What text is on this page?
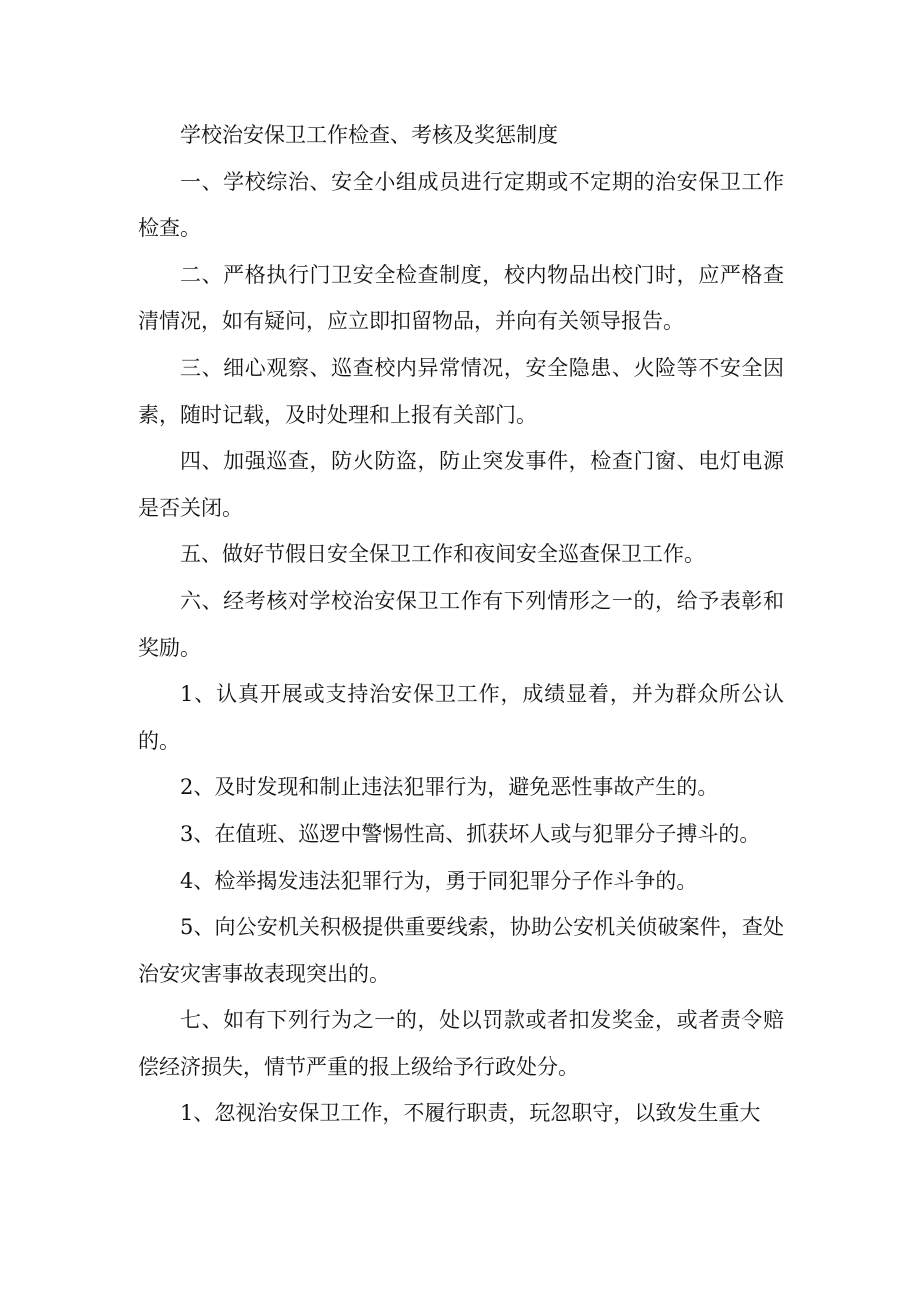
学校治安保卫工作检查、考核及奖惩制度

一、学校综治、安全小组成员进行定期或不定期的治安保卫工作检查。

二、严格执行门卫安全检查制度，校内物品出校门时，应严格查清情况，如有疑问，应立即扣留物品，并向有关领导报告。

三、细心观察、巡查校内异常情况，安全隐患、火险等不安全因素，随时记载，及时处理和上报有关部门。

四、加强巡查，防火防盗，防止突发事件，检查门窗、电灯电源是否关闭。

五、做好节假日安全保卫工作和夜间安全巡查保卫工作。

六、经考核对学校治安保卫工作有下列情形之一的，给予表彰和奖励。

1、认真开展或支持治安保卫工作，成绩显着，并为群众所公认的。

2、及时发现和制止违法犯罪行为，避免恶性事故产生的。

3、在值班、巡逻中警惕性高、抓获坏人或与犯罪分子搏斗的。

4、检举揭发违法犯罪行为，勇于同犯罪分子作斗争的。

5、向公安机关积极提供重要线索，协助公安机关侦破案件，查处治安灾害事故表现突出的。

七、如有下列行为之一的，处以罚款或者扣发奖金，或者责令赔偿经济损失，情节严重的报上级给予行政处分。

1、忽视治安保卫工作，不履行职责，玩忽职守，以致发生重大
